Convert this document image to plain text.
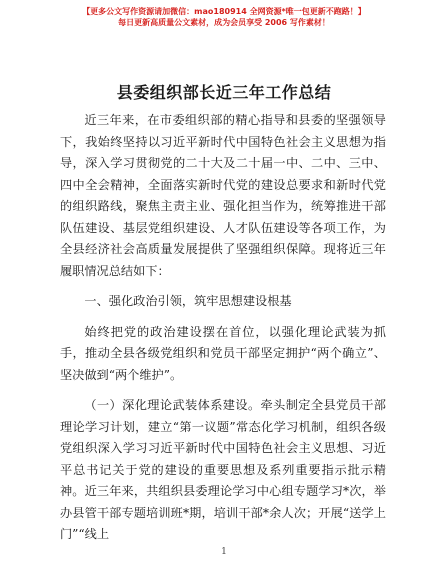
【更多公文写作资源请加微信：mao180914 全网资源*唯一包更新不跑路！】
每日更新高质量公文素材，成为会员享受 2006 写作素材！
县委组织部长近三年工作总结

近三年来，在市委组织部的精心指导和县委的坚强领导下，我始终坚持以习近平新时代中国特色社会主义思想为指导，深入学习贯彻党的二十大及二十届一中、二中、三中、四中全会精神，全面落实新时代党的建设总要求和新时代党的组织路线，聚焦主责主业、强化担当作为，统筹推进干部队伍建设、基层党组织建设、人才队伍建设等各项工作，为全县经济社会高质量发展提供了坚强组织保障。现将近三年履职情况总结如下：

一、强化政治引领，筑牢思想建设根基

始终把党的政治建设摆在首位，以强化理论武装为抓手，推动全县各级党组织和党员干部坚定拥护“两个确立”、坚决做到“两个维护”。

（一）深化理论武装体系建设。牵头制定全县党员干部理论学习计划，建立“第一议题”常态化学习机制，组织各级党组织深入学习习近平新时代中国特色社会主义思想、习近平总书记关于党的建设的重要思想及系列重要指示批示精神。近三年来，共组织县委理论学习中心组专题学习*次，举办县管干部专题培训班*期，培训干部*余人次；开展“送学上门”“线上

1
